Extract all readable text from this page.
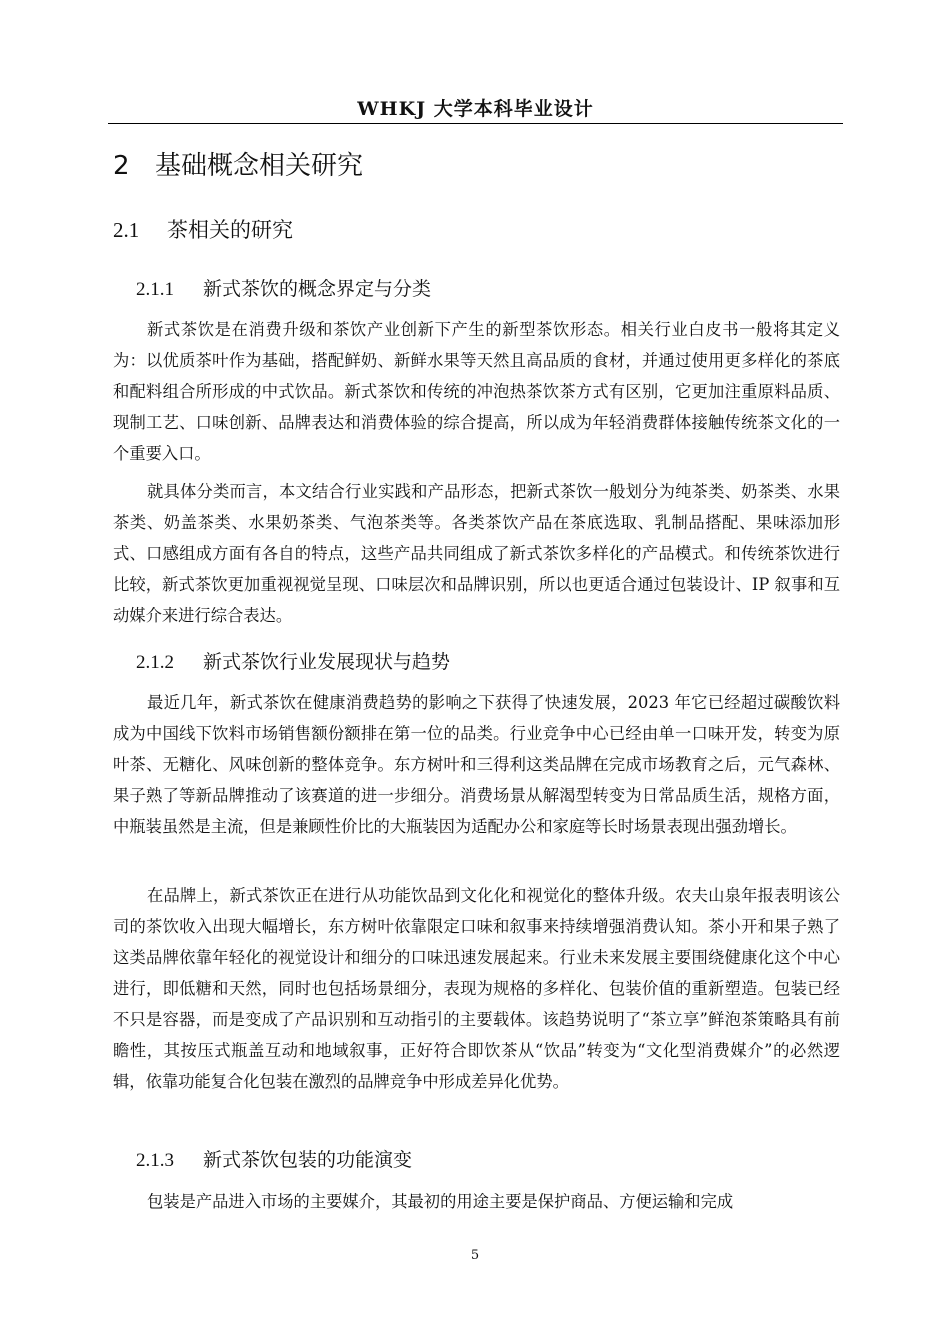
WHKJ 大学本科毕业设计
2 基础概念相关研究
2.1 茶相关的研究
2.1.1 新式茶饮的概念界定与分类

新式茶饮是在消费升级和茶饮产业创新下产生的新型茶饮形态。相关行业白皮书一般将其定义为：以优质茶叶作为基础，搭配鲜奶、新鲜水果等天然且高品质的食材，并通过使用更多样化的茶底和配料组合所形成的中式饮品。新式茶饮和传统的冲泡热茶饮茶方式有区别，它更加注重原料品质、现制工艺、口味创新、品牌表达和消费体验的综合提高，所以成为年轻消费群体接触传统茶文化的一个重要入口。

就具体分类而言，本文结合行业实践和产品形态，把新式茶饮一般划分为纯茶类、奶茶类、水果茶类、奶盖茶类、水果奶茶类、气泡茶类等。各类茶饮产品在茶底选取、乳制品搭配、果味添加形式、口感组成方面有各自的特点，这些产品共同组成了新式茶饮多样化的产品模式。和传统茶饮进行比较，新式茶饮更加重视视觉呈现、口味层次和品牌识别，所以也更适合通过包装设计、IP 叙事和互动媒介来进行综合表达。

2.1.2 新式茶饮行业发展现状与趋势

最近几年，新式茶饮在健康消费趋势的影响之下获得了快速发展，2023 年它已经超过碳酸饮料成为中国线下饮料市场销售额份额排在第一位的品类。行业竞争中心已经由单一口味开发，转变为原叶茶、无糖化、风味创新的整体竞争。东方树叶和三得利这类品牌在完成市场教育之后，元气森林、果子熟了等新品牌推动了该赛道的进一步细分。消费场景从解渴型转变为日常品质生活，规格方面，中瓶装虽然是主流，但是兼顾性价比的大瓶装因为适配办公和家庭等长时场景表现出强劲增长。

在品牌上，新式茶饮正在进行从功能饮品到文化化和视觉化的整体升级。农夫山泉年报表明该公司的茶饮收入出现大幅增长，东方树叶依靠限定口味和叙事来持续增强消费认知。茶小开和果子熟了这类品牌依靠年轻化的视觉设计和细分的口味迅速发展起来。行业未来发展主要围绕健康化这个中心进行，即低糖和天然，同时也包括场景细分，表现为规格的多样化、包装价值的重新塑造。包装已经不只是容器，而是变成了产品识别和互动指引的主要载体。该趋势说明了“茶立享”鲜泡茶策略具有前瞻性，其按压式瓶盖互动和地域叙事，正好符合即饮茶从“饮品”转变为“文化型消费媒介”的必然逻辑，依靠功能复合化包装在激烈的品牌竞争中形成差异化优势。

2.1.3 新式茶饮包装的功能演变

包装是产品进入市场的主要媒介，其最初的用途主要是保护商品、方便运输和完成

5
